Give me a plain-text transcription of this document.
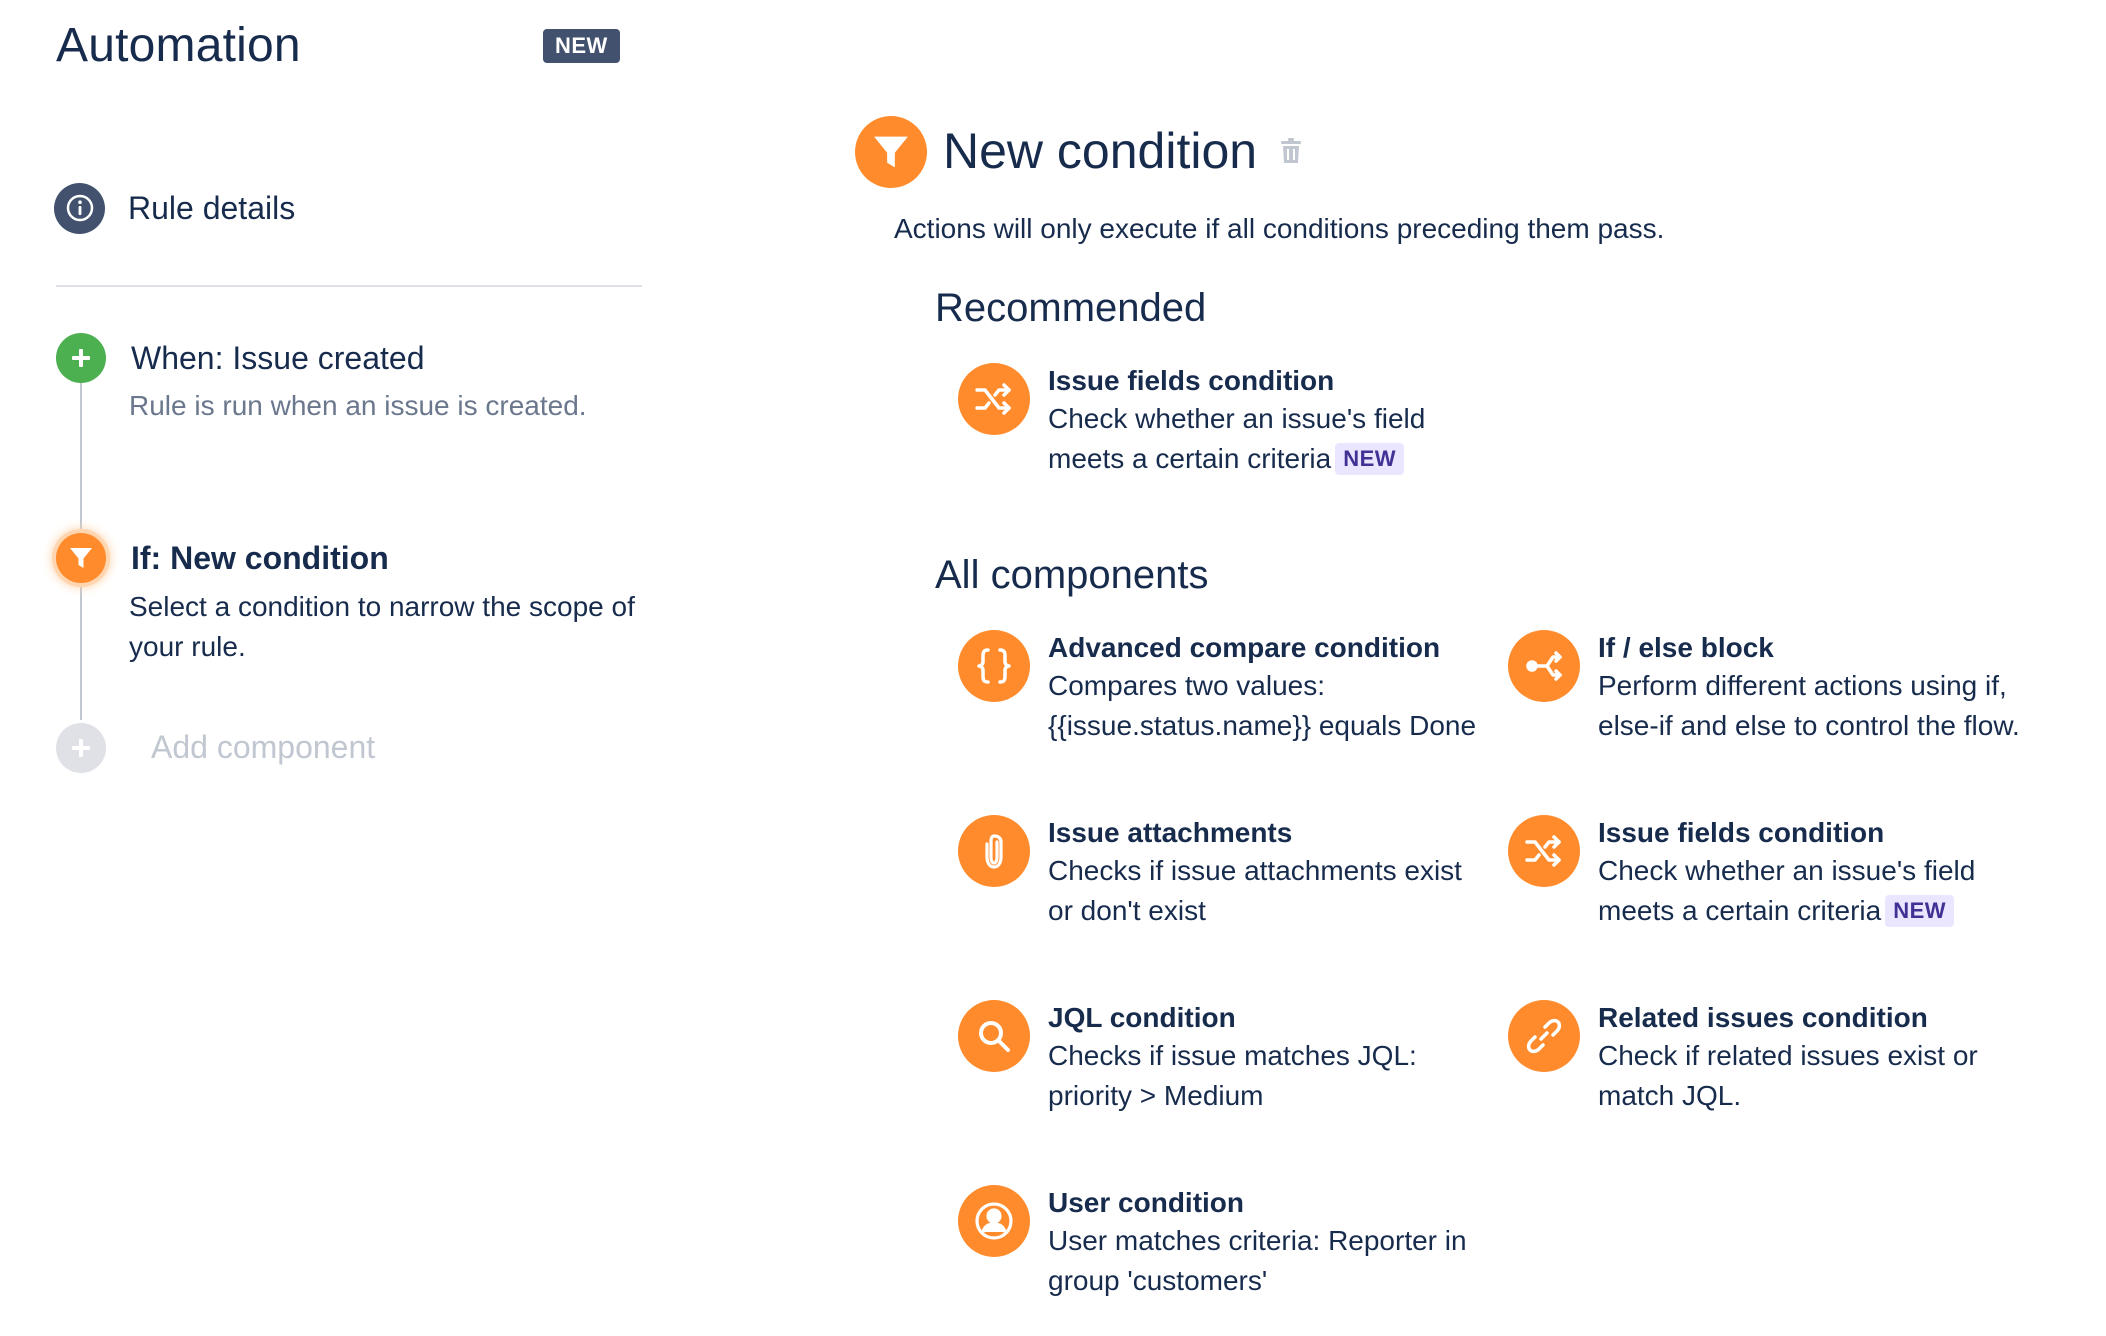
Automation	NEW
Rule details
When: Issue created
Rule is run when an issue is created.
If: New condition
Select a condition to narrow the scope of your rule.
Add component
New condition
Actions will only execute if all conditions preceding them pass.
Recommended
Issue fields condition
Check whether an issue's field meets a certain criteria NEW
All components
Advanced compare condition
Compares two values: {{issue.status.name}} equals Done
If / else block
Perform different actions using if, else-if and else to control the flow.
Issue attachments
Checks if issue attachments exist or don't exist
Issue fields condition
Check whether an issue's field meets a certain criteria NEW
JQL condition
Checks if issue matches JQL: priority > Medium
Related issues condition
Check if related issues exist or match JQL.
User condition
User matches criteria: Reporter in group 'customers'
